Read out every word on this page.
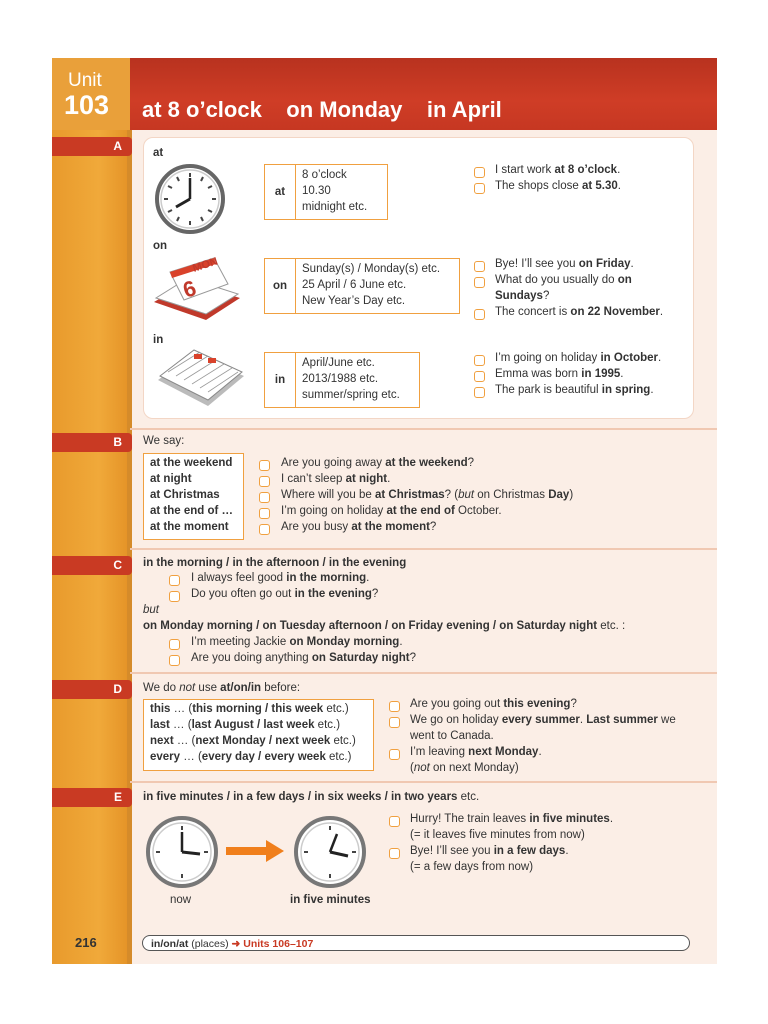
Unit
103 at 8 o’clock    on Monday    in April
A
B
C
D
E
at
on
in
MON
6
at
8 o’clock
10.30
midnight etc.
on
Sunday(s) / Monday(s) etc.
25 April / 6 June etc.
New Year’s Day etc.
in
April/June etc.
2013/1988 etc.
summer/spring etc.
I start work at 8 o’clock.
The shops close at 5.30.
Bye! I’ll see you on Friday.
What do you usually do on
Sundays?
The concert is on 22 November.
I’m going on holiday in October.
Emma was born in 1995.
The park is beautiful in spring.
We say:
at the weekend
at night
at Christmas
at the end of …
at the moment
Are you going away at the weekend?
I can’t sleep at night.
Where will you be at Christmas? (but on Christmas Day)
I’m going on holiday at the end of October.
Are you busy at the moment?
in the morning / in the afternoon / in the evening
I always feel good in the morning.
Do you often go out in the evening?
but
on Monday morning / on Tuesday afternoon / on Friday evening / on Saturday night etc. :
I’m meeting Jackie on Monday morning.
Are you doing anything on Saturday night?
We do not use at/on/in before:
this … (this morning / this week etc.)
last … (last August / last week etc.)
next … (next Monday / next week etc.)
every … (every day / every week etc.)
Are you going out this evening?
We go on holiday every summer. Last summer we
went to Canada.
I’m leaving next Monday.
(not on next Monday)
in five minutes / in a few days / in six weeks / in two years etc.
now	in five minutes
Hurry! The train leaves in five minutes.
(= it leaves five minutes from now)
Bye! I’ll see you in a few days.
(= a few days from now)
216	in/on/at (places) ➜ Units 106–107
